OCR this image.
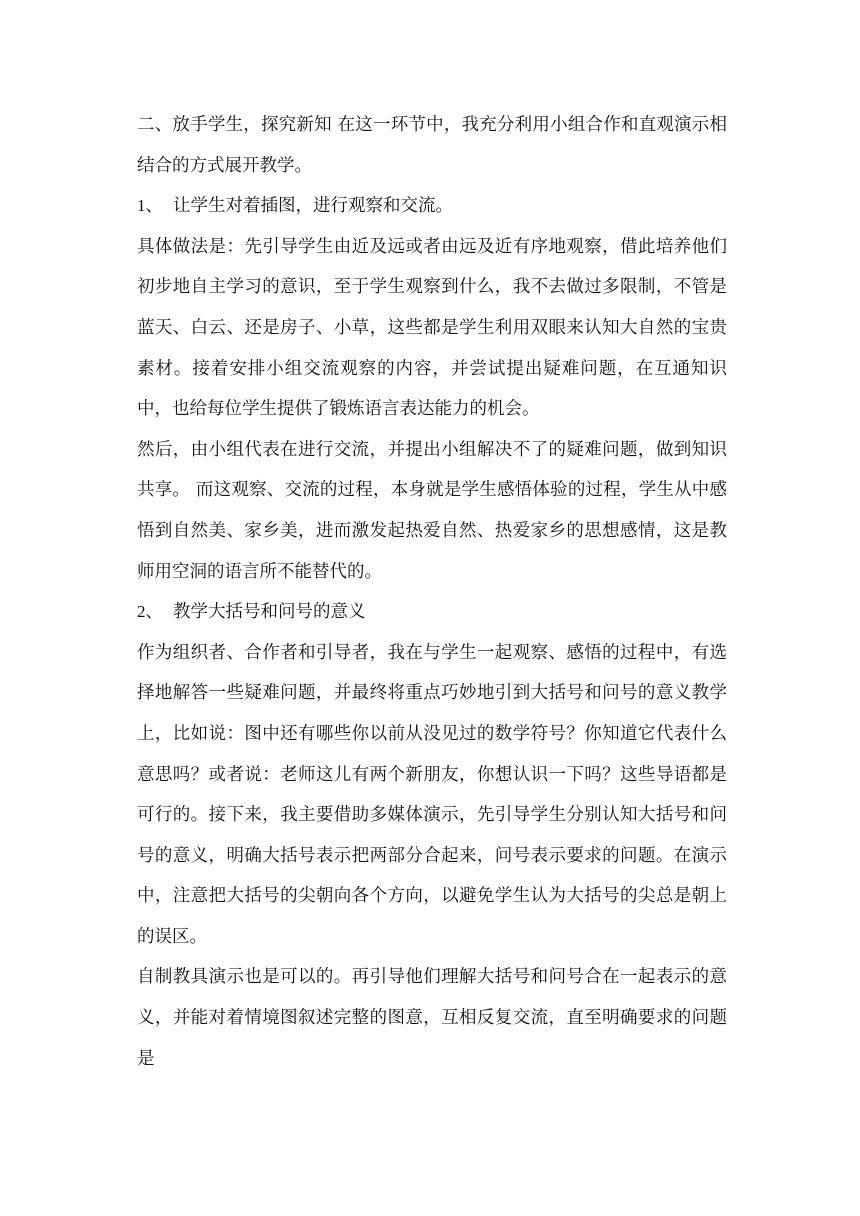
二、放手学生，探究新知 在这一环节中，我充分利用小组合作和直观演示相结合的方式展开教学。

1、 让学生对着插图，进行观察和交流。

具体做法是：先引导学生由近及远或者由远及近有序地观察，借此培养他们初步地自主学习的意识，至于学生观察到什么，我不去做过多限制，不管是蓝天、白云、还是房子、小草，这些都是学生利用双眼来认知大自然的宝贵素材。接着安排小组交流观察的内容，并尝试提出疑难问题，在互通知识中，也给每位学生提供了锻炼语言表达能力的机会。

然后，由小组代表在进行交流，并提出小组解决不了的疑难问题，做到知识共享。 而这观察、交流的过程，本身就是学生感悟体验的过程，学生从中感悟到自然美、家乡美，进而激发起热爱自然、热爱家乡的思想感情，这是教师用空洞的语言所不能替代的。

2、 教学大括号和问号的意义

作为组织者、合作者和引导者，我在与学生一起观察、感悟的过程中，有选择地解答一些疑难问题，并最终将重点巧妙地引到大括号和问号的意义教学上，比如说：图中还有哪些你以前从没见过的数学符号？你知道它代表什么意思吗？或者说：老师这儿有两个新朋友，你想认识一下吗？这些导语都是可行的。接下来，我主要借助多媒体演示，先引导学生分别认知大括号和问号的意义，明确大括号表示把两部分合起来，问号表示要求的问题。在演示中，注意把大括号的尖朝向各个方向，以避免学生认为大括号的尖总是朝上的误区。

自制教具演示也是可以的。再引导他们理解大括号和问号合在一起表示的意义，并能对着情境图叙述完整的图意，互相反复交流，直至明确要求的问题是
